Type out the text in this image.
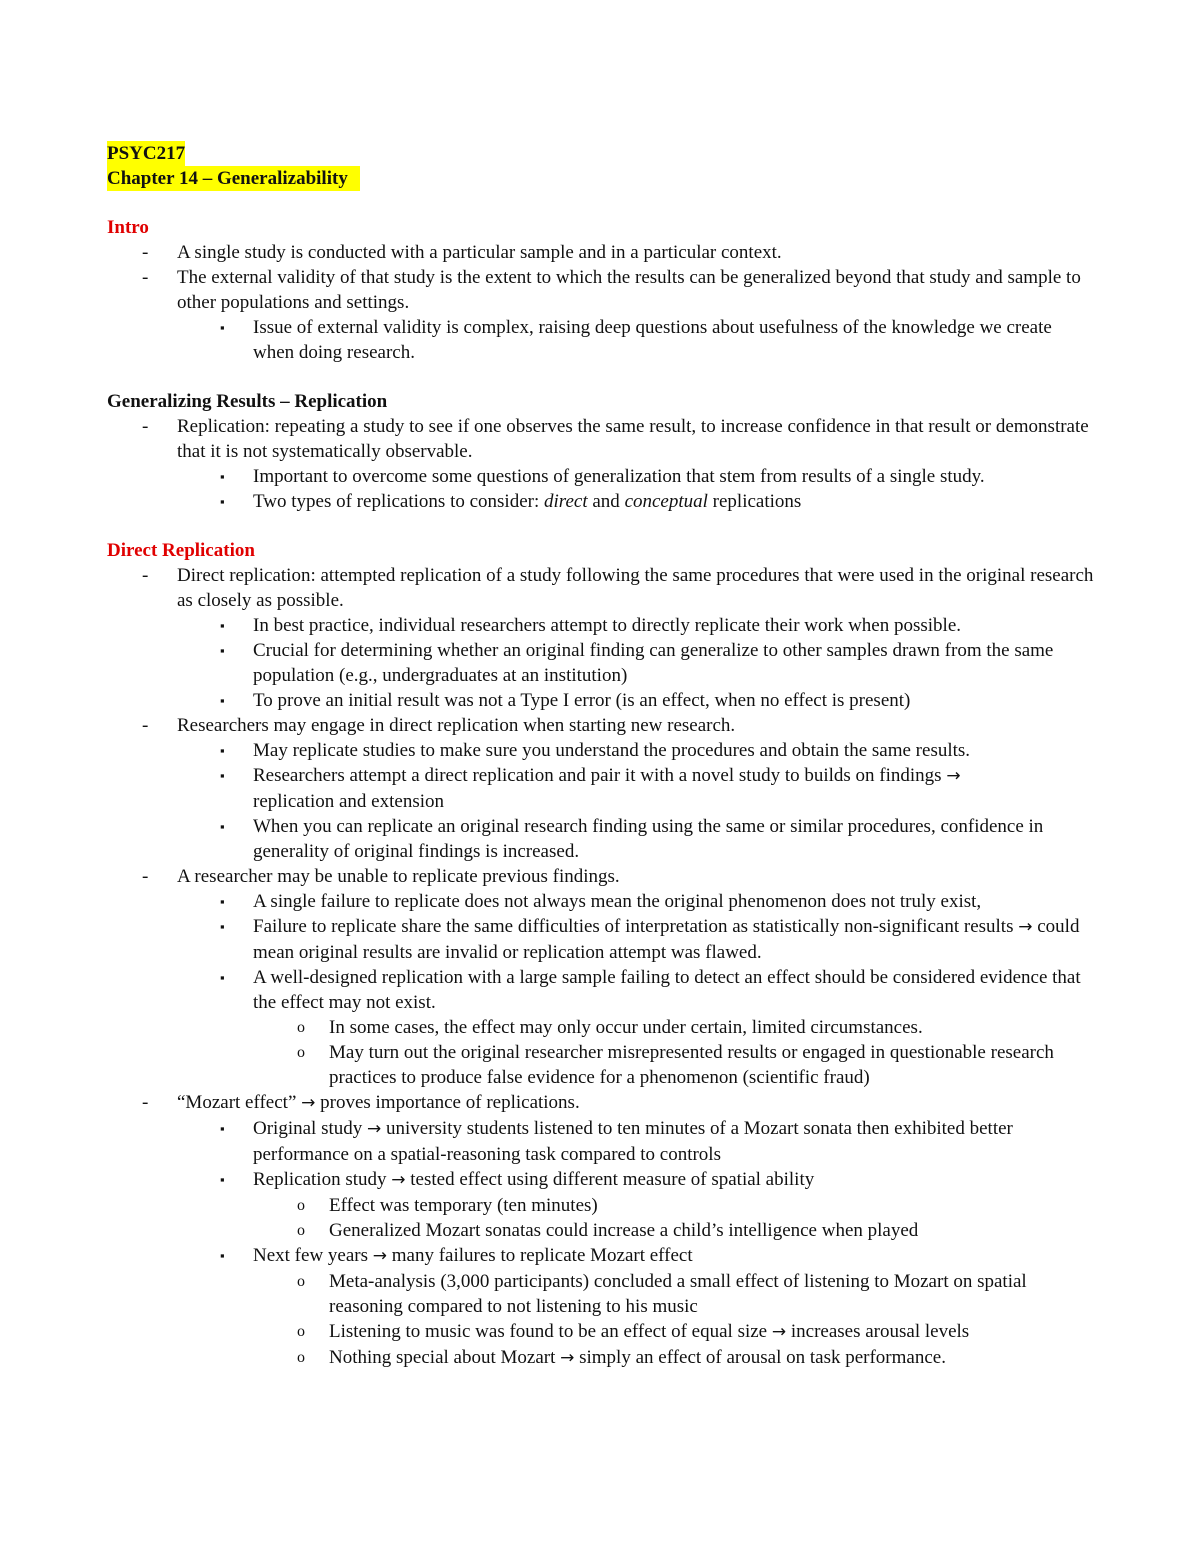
PSYC217
Chapter 14 – Generalizability
Intro
- A single study is conducted with a particular sample and in a particular context.
- The external validity of that study is the extent to which the results can be generalized beyond that study and sample to other populations and settings.
▪ Issue of external validity is complex, raising deep questions about usefulness of the knowledge we create when doing research.
Generalizing Results – Replication
- Replication: repeating a study to see if one observes the same result, to increase confidence in that result or demonstrate that it is not systematically observable.
▪ Important to overcome some questions of generalization that stem from results of a single study.
▪ Two types of replications to consider: direct and conceptual replications
Direct Replication
- Direct replication: attempted replication of a study following the same procedures that were used in the original research as closely as possible.
▪ In best practice, individual researchers attempt to directly replicate their work when possible.
▪ Crucial for determining whether an original finding can generalize to other samples drawn from the same population (e.g., undergraduates at an institution)
▪ To prove an initial result was not a Type I error (is an effect, when no effect is present)
- Researchers may engage in direct replication when starting new research.
▪ May replicate studies to make sure you understand the procedures and obtain the same results.
▪ Researchers attempt a direct replication and pair it with a novel study to builds on findings →
replication and extension
▪ When you can replicate an original research finding using the same or similar procedures, confidence in generality of original findings is increased.
- A researcher may be unable to replicate previous findings.
▪ A single failure to replicate does not always mean the original phenomenon does not truly exist,
▪ Failure to replicate share the same difficulties of interpretation as statistically non-significant results → could mean original results are invalid or replication attempt was flawed.
▪ A well-designed replication with a large sample failing to detect an effect should be considered evidence that the effect may not exist.
o In some cases, the effect may only occur under certain, limited circumstances.
o May turn out the original researcher misrepresented results or engaged in questionable research practices to produce false evidence for a phenomenon (scientific fraud)
- “Mozart effect” → proves importance of replications.
▪ Original study → university students listened to ten minutes of a Mozart sonata then exhibited better performance on a spatial-reasoning task compared to controls
▪ Replication study → tested effect using different measure of spatial ability
o Effect was temporary (ten minutes)
o Generalized Mozart sonatas could increase a child’s intelligence when played
▪ Next few years → many failures to replicate Mozart effect
o Meta-analysis (3,000 participants) concluded a small effect of listening to Mozart on spatial reasoning compared to not listening to his music
o Listening to music was found to be an effect of equal size → increases arousal levels
o Nothing special about Mozart → simply an effect of arousal on task performance.
